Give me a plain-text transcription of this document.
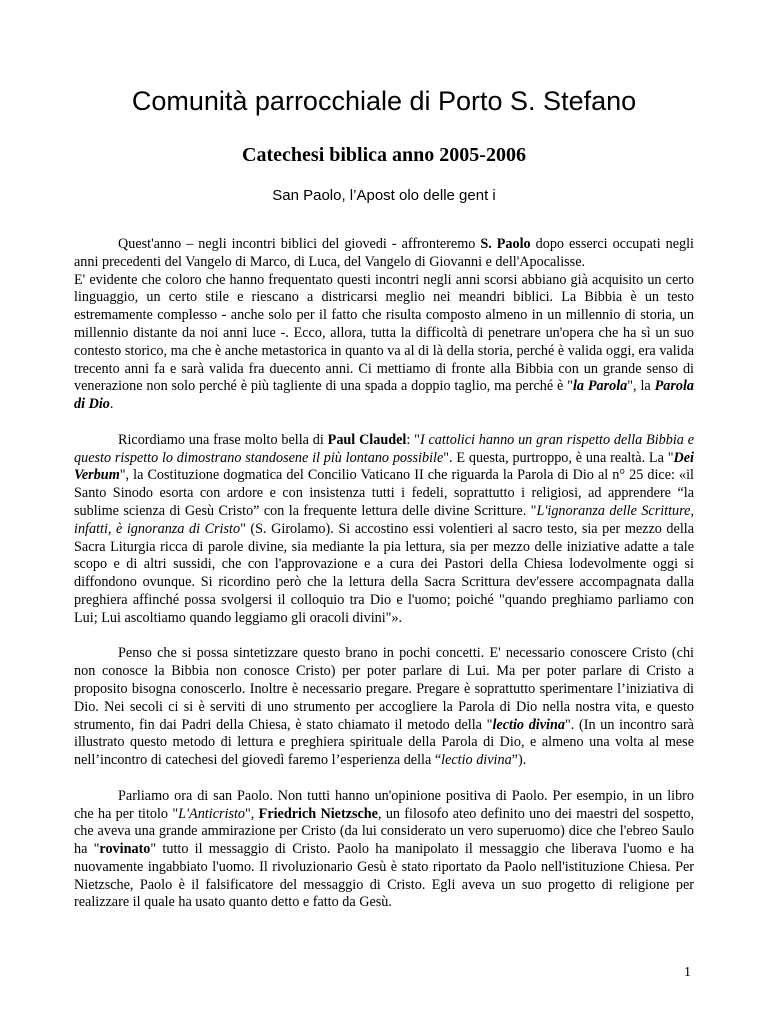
Comunità parrocchiale di Porto S. Stefano
Catechesi biblica anno 2005-2006
San Paolo, l’Apost olo delle gent i

Quest'anno – negli incontri biblici del giovedi - affronteremo S. Paolo dopo esserci occupati negli anni precedenti del Vangelo di Marco, di Luca, del Vangelo di Giovanni e dell'Apocalisse.
E' evidente che coloro che hanno frequentato questi incontri negli anni scorsi abbiano già acquisito un certo linguaggio, un certo stile e riescano a districarsi meglio nei meandri biblici. La Bibbia è un testo estremamente complesso - anche solo per il fatto che risulta composto almeno in un millennio di storia, un millennio distante da noi anni luce -. Ecco, allora, tutta la difficoltà di penetrare un'opera che ha sì un suo contesto storico, ma che è anche metastorica in quanto va al di là della storia, perché è valida oggi, era valida trecento anni fa e sarà valida fra duecento anni. Ci mettiamo di fronte alla Bibbia con un grande senso di venerazione non solo perché è più tagliente di una spada a doppio taglio, ma perché è "la Parola", la Parola di Dio.

Ricordiamo una frase molto bella di Paul Claudel: "I cattolici hanno un gran rispetto della Bibbia e questo rispetto lo dimostrano standosene il più lontano possibile". E questa, purtroppo, è una realtà. La "Dei Verbum", la Costituzione dogmatica del Concilio Vaticano II che riguarda la Parola di Dio al n° 25 dice: «il Santo Sinodo esorta con ardore e con insistenza tutti i fedeli, soprattutto i religiosi, ad apprendere “la sublime scienza di Gesù Cristo” con la frequente lettura delle divine Scritture. "L'ignoranza delle Scritture, infatti, è ignoranza di Cristo" (S. Girolamo). Si accostino essi volentieri al sacro testo, sia per mezzo della Sacra Liturgia ricca di parole divine, sia mediante la pia lettura, sia per mezzo delle iniziative adatte a tale scopo e di altri sussidi, che con l'approvazione e a cura dei Pastori della Chiesa lodevolmente oggi si diffondono ovunque. Si ricordino però che la lettura della Sacra Scrittura dev'essere accompagnata dalla preghiera affinché possa svolgersi il colloquio tra Dio e l'uomo; poiché "quando preghiamo parliamo con Lui; Lui ascoltiamo quando leggiamo gli oracoli divini"».

Penso che si possa sintetizzare questo brano in pochi concetti. E' necessario conoscere Cristo (chi non conosce la Bibbia non conosce Cristo) per poter parlare di Lui. Ma per poter parlare di Cristo a proposito bisogna conoscerlo. Inoltre è necessario pregare. Pregare è soprattutto sperimentare l’iniziativa di Dio. Nei secoli ci si è serviti di uno strumento per accogliere la Parola di Dio nella nostra vita, e questo strumento, fin dai Padri della Chiesa, è stato chiamato il metodo della "lectio divina". (In un incontro sarà illustrato questo metodo di lettura e preghiera spirituale della Parola di Dio, e almeno una volta al mese nell’incontro di catechesi del giovedì faremo l’esperienza della “lectio divina”).

Parliamo ora di san Paolo. Non tutti hanno un'opinione positiva di Paolo. Per esempio, in un libro che ha per titolo "L'Anticristo", Friedrich Nietzsche, un filosofo ateo definito uno dei maestri del sospetto, che aveva una grande ammirazione per Cristo (da lui considerato un vero superuomo) dice che l'ebreo Saulo ha "rovinato" tutto il messaggio di Cristo. Paolo ha manipolato il messaggio che liberava l'uomo e ha nuovamente ingabbiato l'uomo. Il rivoluzionario Gesù è stato riportato da Paolo nell'istituzione Chiesa. Per Nietzsche, Paolo è il falsificatore del messaggio di Cristo. Egli aveva un suo progetto di religione per realizzare il quale ha usato quanto detto e fatto da Gesù.

1
